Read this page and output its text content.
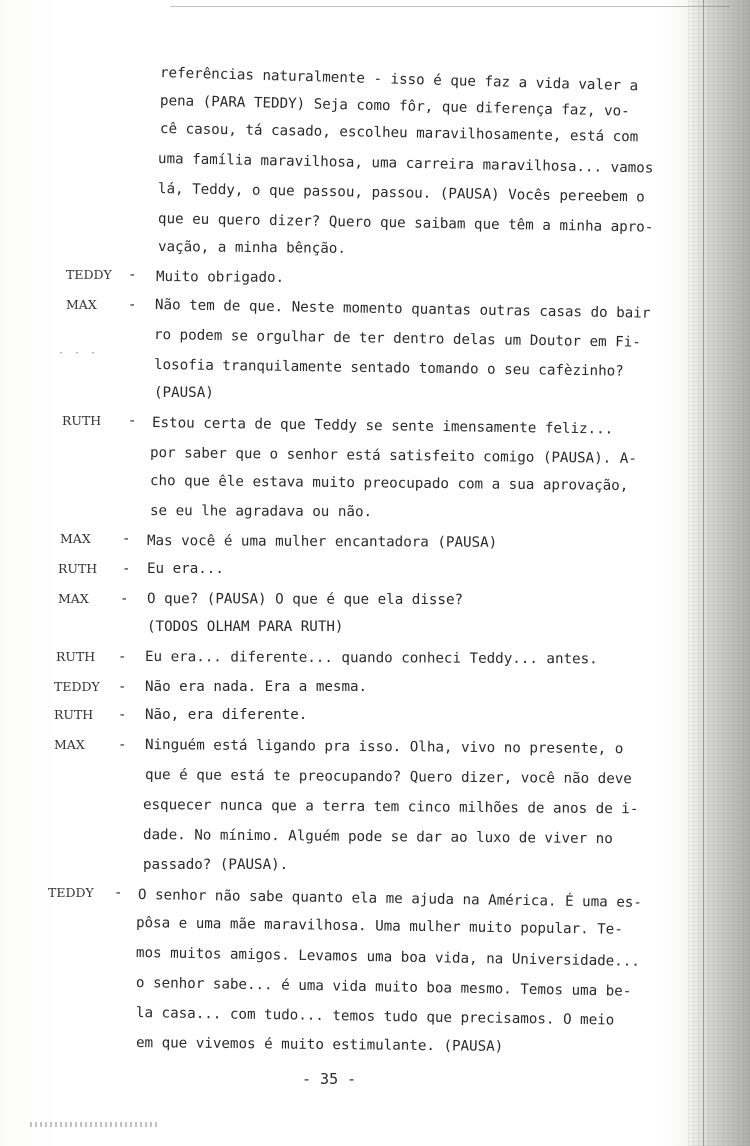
· · ·
referências naturalmente - isso é que faz a vida valer a
pena (PARA TEDDY) Seja como fôr, que diferença faz, vo-
cê casou, tá casado, escolheu maravilhosamente, está com
uma família maravilhosa, uma carreira maravilhosa... vamos
lá, Teddy, o que passou, passou. (PAUSA) Vocês pereebem o
que eu quero dizer? Quero que saibam que têm a minha apro-
vação, a minha bênção.
Muito obrigado.
Não tem de que. Neste momento quantas outras casas do bair
ro podem se orgulhar de ter dentro delas um Doutor em Fi-
losofia tranquilamente sentado tomando o seu cafèzinho?
(PAUSA)
Estou certa de que Teddy se sente imensamente feliz...
por saber que o senhor está satisfeito comigo (PAUSA). A-
cho que êle estava muito preocupado com a sua aprovação,
se eu lhe agradava ou não.
Mas você é uma mulher encantadora (PAUSA)
Eu era...
O que? (PAUSA) O que é que ela disse?
(TODOS OLHAM PARA RUTH)
Eu era... diferente... quando conheci Teddy... antes.
Não era nada. Era a mesma.
Não, era diferente.
Ninguém está ligando pra isso. Olha, vivo no presente, o
que é que está te preocupando? Quero dizer, você não deve
esquecer nunca que a terra tem cinco milhões de anos de i-
dade. No mínimo. Alguém pode se dar ao luxo de viver no
passado? (PAUSA).
O senhor não sabe quanto ela me ajuda na América. É uma es-
pôsa e uma mãe maravilhosa. Uma mulher muito popular. Te-
mos muitos amigos. Levamos uma boa vida, na Universidade...
o senhor sabe... é uma vida muito boa mesmo. Temos uma be-
la casa... com tudo... temos tudo que precisamos. O meio
em que vivemos é muito estimulante. (PAUSA)
TEDDY -
MAX -
RUTH -
MAX -
RUTH -
MAX -
RUTH -
TEDDY -
RUTH -
MAX -
TEDDY -
- 35 -
